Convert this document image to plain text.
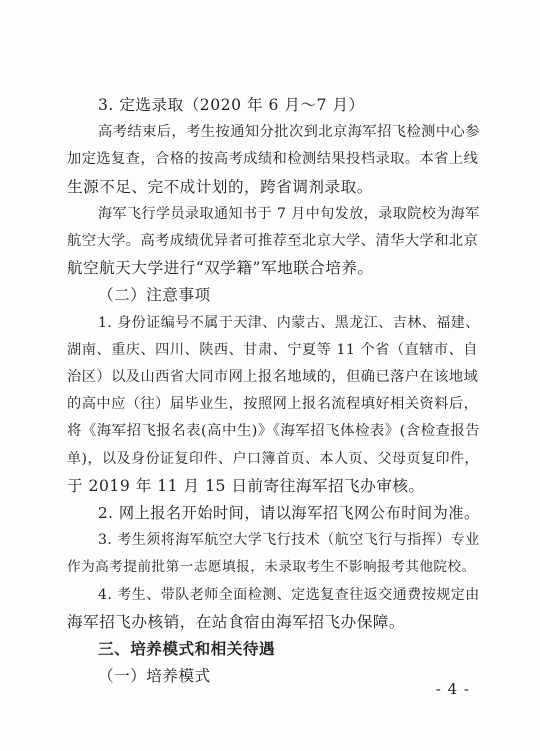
3. 定选录取（2020 年 6 月～7 月）

高考结束后，考生按通知分批次到北京海军招飞检测中心参
加定选复查，合格的按高考成绩和检测结果投档录取。本省上线
生源不足、完不成计划的，跨省调剂录取。

海军飞行学员录取通知书于 7 月中旬发放，录取院校为海军
航空大学。高考成绩优异者可推荐至北京大学、清华大学和北京
航空航天大学进行“双学籍”军地联合培养。

（二）注意事项

1. 身份证编号不属于天津、内蒙古、黑龙江、吉林、福建、
湖南、重庆、四川、陕西、甘肃、宁夏等 11 个省（直辖市、自
治区）以及山西省大同市网上报名地域的，但确已落户在该地域
的高中应（往）届毕业生，按照网上报名流程填好相关资料后，
将《海军招飞报名表(高中生)》《海军招飞体检表》(含检查报告
单)，以及身份证复印件、户口簿首页、本人页、父母页复印件，
于 2019 年 11 月 15 日前寄往海军招飞办审核。

2. 网上报名开始时间，请以海军招飞网公布时间为准。

3. 考生须将海军航空大学飞行技术（航空飞行与指挥）专业
作为高考提前批第一志愿填报，未录取考生不影响报考其他院校。

4. 考生、带队老师全面检测、定选复查往返交通费按规定由
海军招飞办核销，在站食宿由海军招飞办保障。

三、培养模式和相关待遇

（一）培养模式

- 4 -
